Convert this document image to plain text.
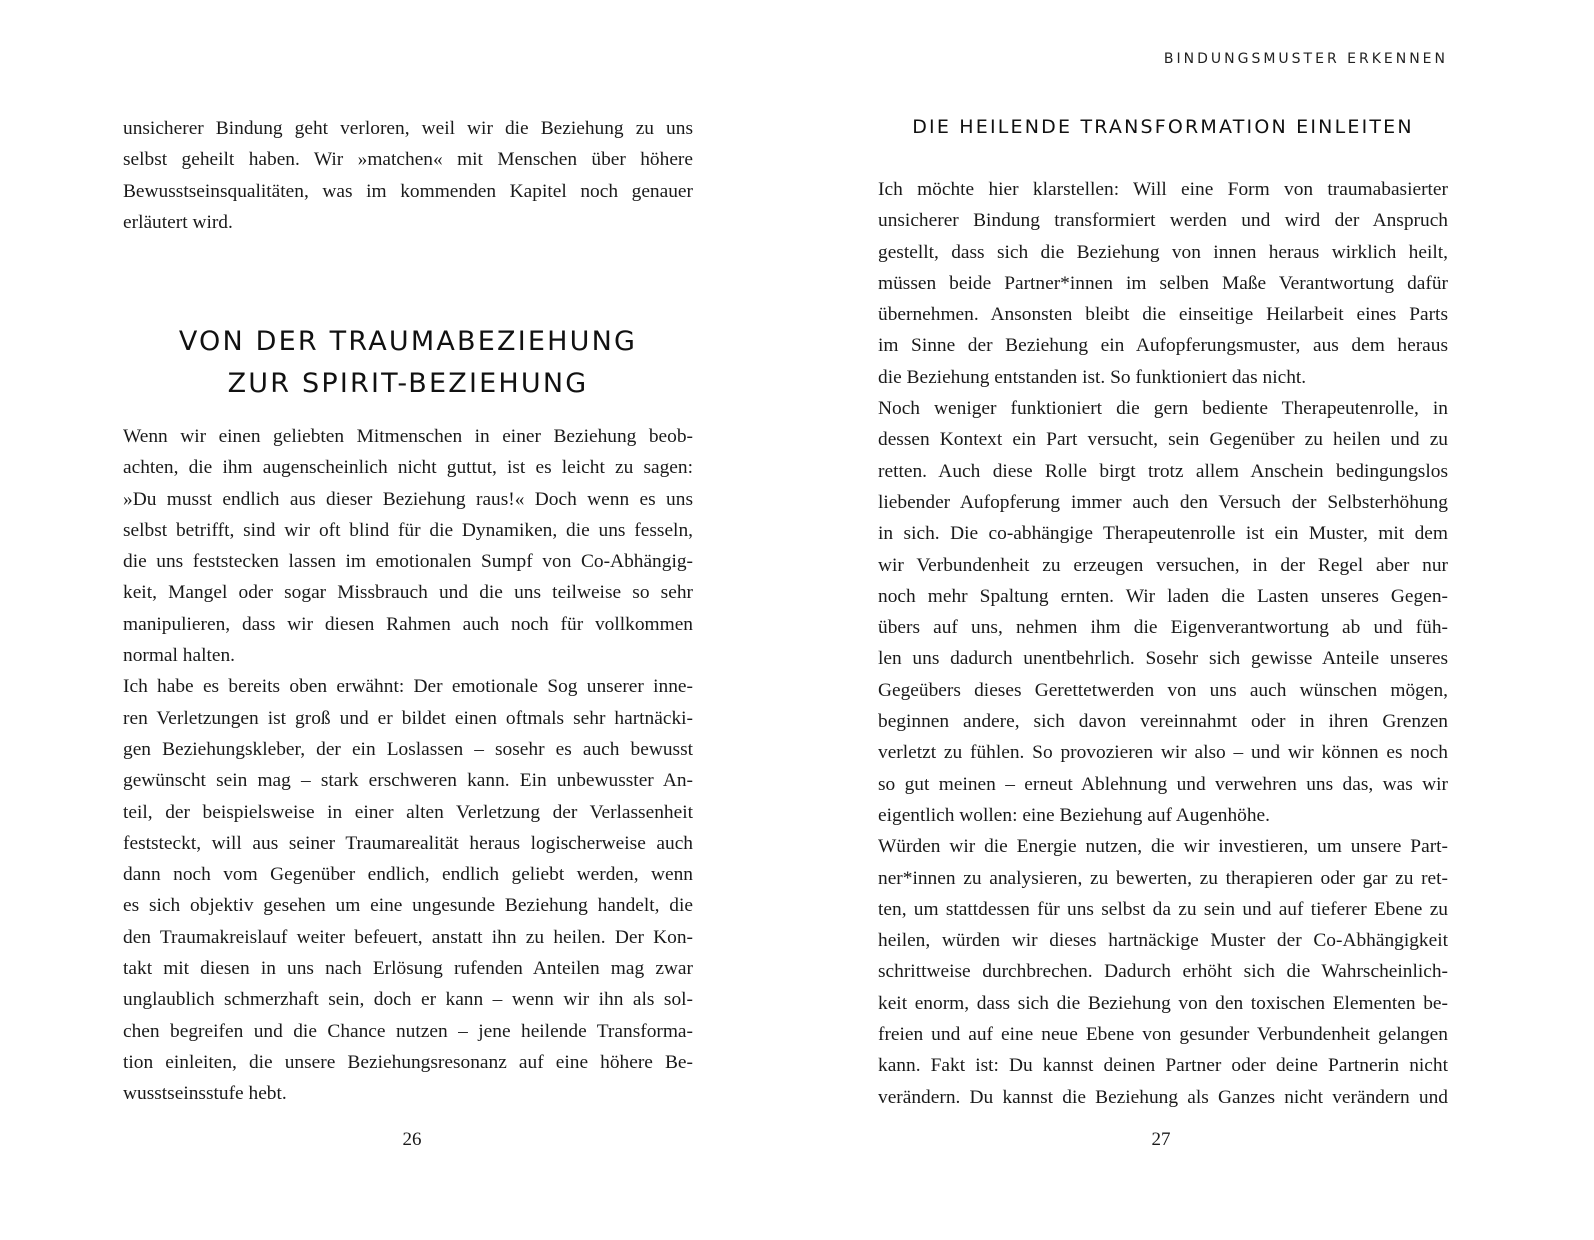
unsicherer Bindung geht verloren, weil wir die Beziehung zu uns
selbst geheilt haben. Wir »matchen« mit Menschen über höhere
Bewusstseinsqualitäten, was im kommenden Kapitel noch genauer
erläutert wird.

VON DER TRAUMABEZIEHUNG
ZUR SPIRIT-BEZIEHUNG

Wenn wir einen geliebten Mitmenschen in einer Beziehung beob-
achten, die ihm augenscheinlich nicht guttut, ist es leicht zu sagen:
»Du musst endlich aus dieser Beziehung raus!« Doch wenn es uns
selbst betrifft, sind wir oft blind für die Dynamiken, die uns fesseln,
die uns feststecken lassen im emotionalen Sumpf von Co-Abhängig-
keit, Mangel oder sogar Missbrauch und die uns teilweise so sehr
manipulieren, dass wir diesen Rahmen auch noch für vollkommen
normal halten.

Ich habe es bereits oben erwähnt: Der emotionale Sog unserer inne-
ren Verletzungen ist groß und er bildet einen oftmals sehr hartnäcki-
gen Beziehungskleber, der ein Loslassen – sosehr es auch bewusst
gewünscht sein mag – stark erschweren kann. Ein unbewusster An-
teil, der beispielsweise in einer alten Verletzung der Verlassenheit
feststeckt, will aus seiner Traumarealität heraus logischerweise auch
dann noch vom Gegenüber endlich, endlich geliebt werden, wenn
es sich objektiv gesehen um eine ungesunde Beziehung handelt, die
den Traumakreislauf weiter befeuert, anstatt ihn zu heilen. Der Kon-
takt mit diesen in uns nach Erlösung rufenden Anteilen mag zwar
unglaublich schmerzhaft sein, doch er kann – wenn wir ihn als sol-
chen begreifen und die Chance nutzen – jene heilende Transforma-
tion einleiten, die unsere Beziehungsresonanz auf eine höhere Be-
wusstseinsstufe hebt.

26
BINDUNGSMUSTER ERKENNEN
DIE HEILENDE TRANSFORMATION EINLEITEN

Ich möchte hier klarstellen: Will eine Form von traumabasierter
unsicherer Bindung transformiert werden und wird der Anspruch
gestellt, dass sich die Beziehung von innen heraus wirklich heilt,
müssen beide Partner*innen im selben Maße Verantwortung dafür
übernehmen. Ansonsten bleibt die einseitige Heilarbeit eines Parts
im Sinne der Beziehung ein Aufopferungsmuster, aus dem heraus
die Beziehung entstanden ist. So funktioniert das nicht.

Noch weniger funktioniert die gern bediente Therapeutenrolle, in
dessen Kontext ein Part versucht, sein Gegenüber zu heilen und zu
retten. Auch diese Rolle birgt trotz allem Anschein bedingungslos
liebender Aufopferung immer auch den Versuch der Selbsterhöhung
in sich. Die co-abhängige Therapeutenrolle ist ein Muster, mit dem
wir Verbundenheit zu erzeugen versuchen, in der Regel aber nur
noch mehr Spaltung ernten. Wir laden die Lasten unseres Gegen-
übers auf uns, nehmen ihm die Eigenverantwortung ab und füh-
len uns dadurch unentbehrlich. Sosehr sich gewisse Anteile unseres
Gegeübers dieses Gerettetwerden von uns auch wünschen mögen,
beginnen andere, sich davon vereinnahmt oder in ihren Grenzen
verletzt zu fühlen. So provozieren wir also – und wir können es noch
so gut meinen – erneut Ablehnung und verwehren uns das, was wir
eigentlich wollen: eine Beziehung auf Augenhöhe.

Würden wir die Energie nutzen, die wir investieren, um unsere Part-
ner*innen zu analysieren, zu bewerten, zu therapieren oder gar zu ret-
ten, um stattdessen für uns selbst da zu sein und auf tieferer Ebene zu
heilen, würden wir dieses hartnäckige Muster der Co-Abhängigkeit
schrittweise durchbrechen. Dadurch erhöht sich die Wahrscheinlich-
keit enorm, dass sich die Beziehung von den toxischen Elementen be-
freien und auf eine neue Ebene von gesunder Verbundenheit gelangen
kann. Fakt ist: Du kannst deinen Partner oder deine Partnerin nicht
verändern. Du kannst die Beziehung als Ganzes nicht verändern und

27
